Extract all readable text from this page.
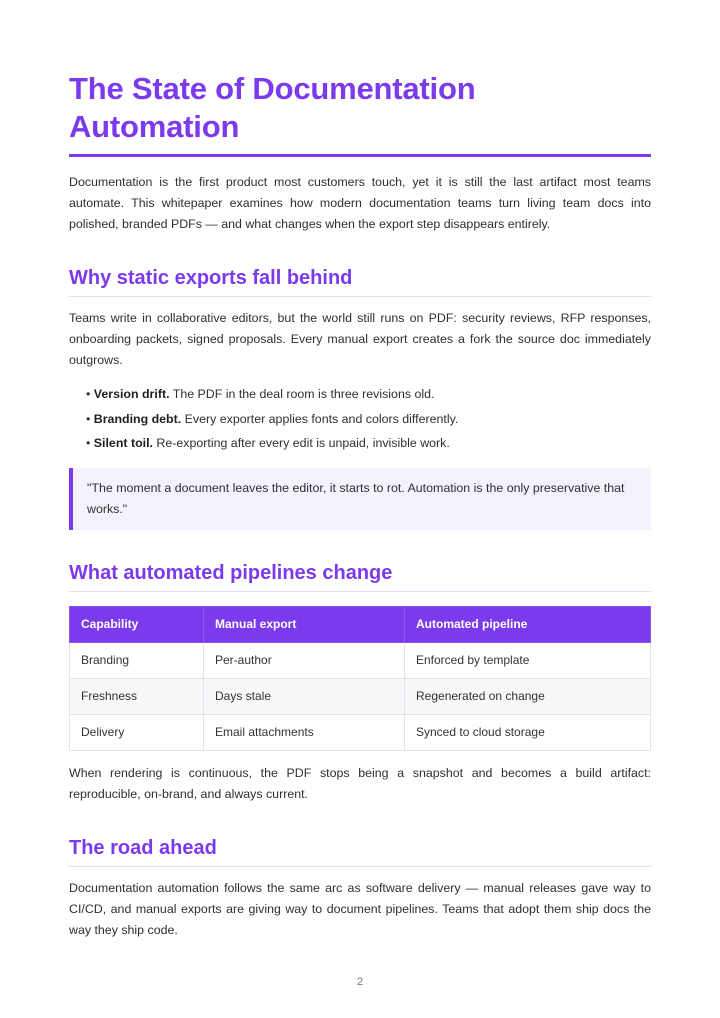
The State of Documentation Automation

Documentation is the first product most customers touch, yet it is still the last artifact most teams automate. This whitepaper examines how modern documentation teams turn living team docs into polished, branded PDFs — and what changes when the export step disappears entirely.

Why static exports fall behind

Teams write in collaborative editors, but the world still runs on PDF: security reviews, RFP responses, onboarding packets, signed proposals. Every manual export creates a fork the source doc immediately outgrows.

• Version drift. The PDF in the deal room is three revisions old.
• Branding debt. Every exporter applies fonts and colors differently.
• Silent toil. Re-exporting after every edit is unpaid, invisible work.
"The moment a document leaves the editor, it starts to rot. Automation is the only preservative that works."
What automated pipelines change
Capability	Manual export	Automated pipeline
Branding	Per-author	Enforced by template
Freshness	Days stale	Regenerated on change
Delivery	Email attachments	Synced to cloud storage

When rendering is continuous, the PDF stops being a snapshot and becomes a build artifact: reproducible, on-brand, and always current.

The road ahead

Documentation automation follows the same arc as software delivery — manual releases gave way to CI/CD, and manual exports are giving way to document pipelines. Teams that adopt them ship docs the way they ship code.

2
